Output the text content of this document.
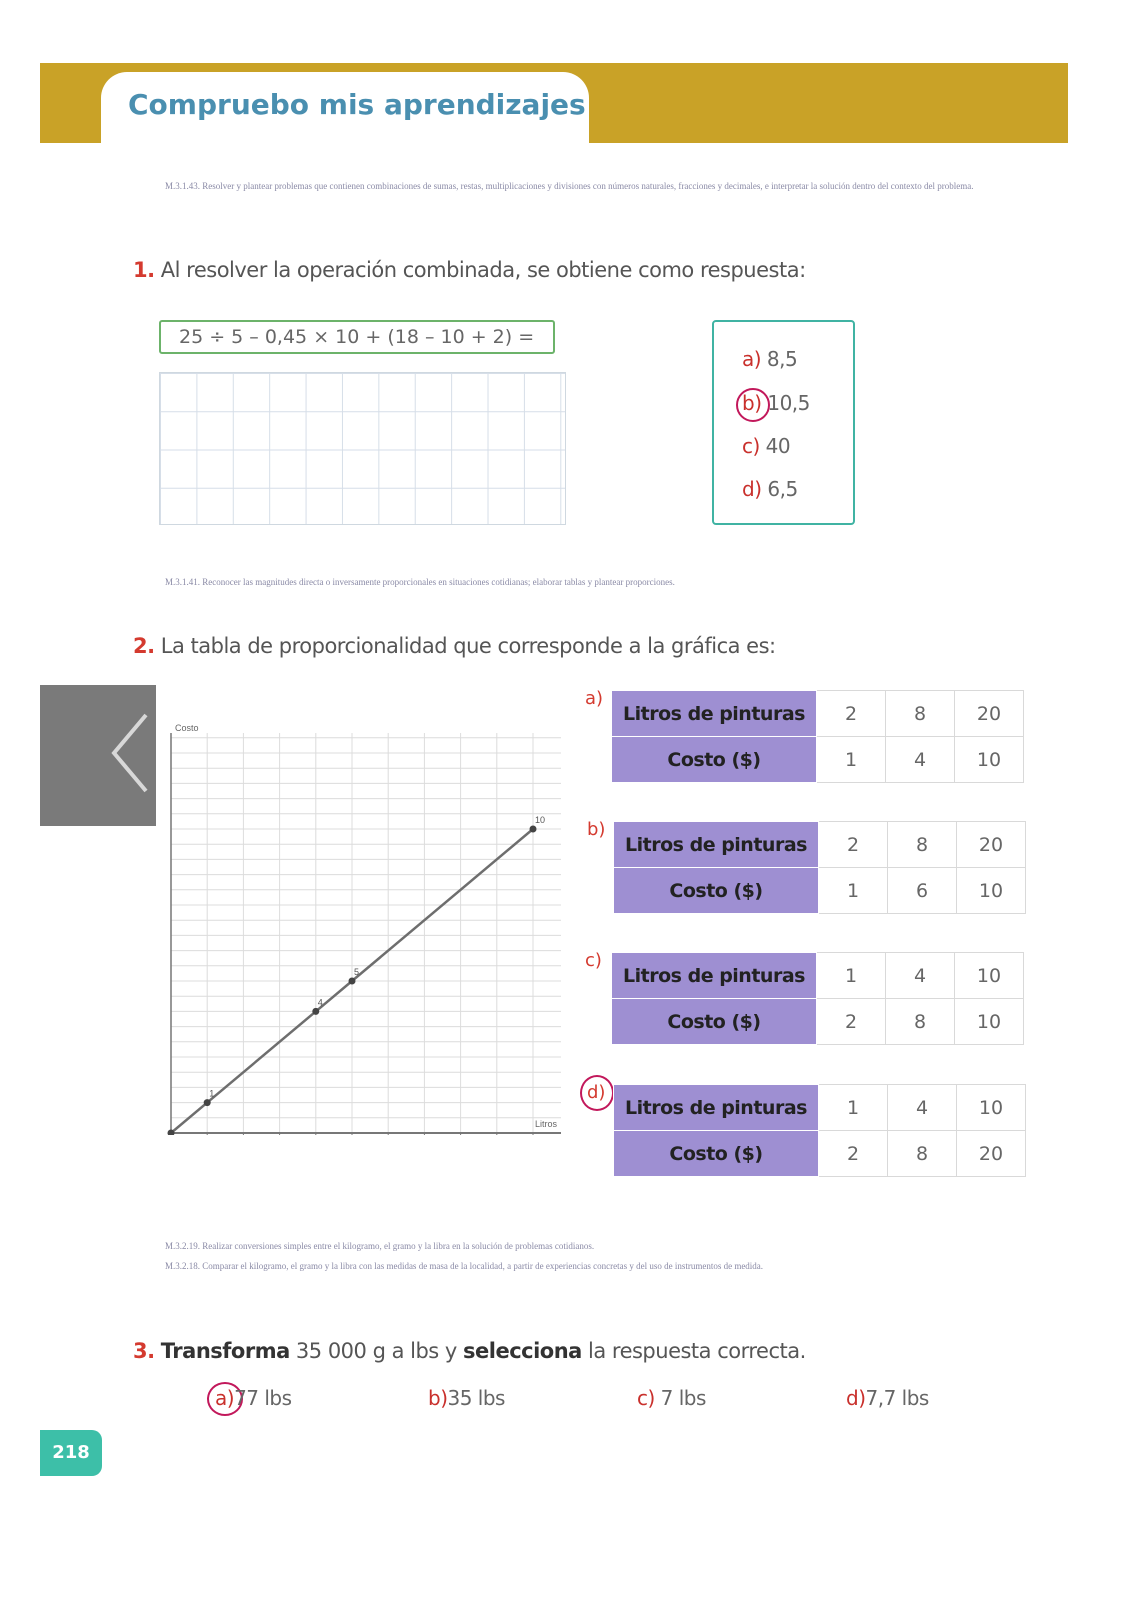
Compruebo mis aprendizajes

M.3.1.43. Resolver y plantear problemas que contienen combinaciones de sumas, restas, multiplicaciones y divisiones con números naturales, fracciones y decimales, e interpretar la solución dentro del contexto del problema.

1. Al resolver la operación combinada, se obtiene como respuesta:
25 ÷ 5 – 0,45 × 10 + (18 – 10 + 2) =
a) 8,5
b) 10,5
c) 40
d) 6,5

M.3.1.41. Reconocer las magnitudes directa o inversamente proporcionales en situaciones cotidianas; elaborar tablas y plantear proporciones.

2. La tabla de proporcionalidad que corresponde a la gráfica es:
Costo
Litros
1
4
5
10
a)
Litros de pinturas	2	8	20
Costo ($)	1	4	10
b)
Litros de pinturas	2	8	20
Costo ($)	1	6	10
c)
Litros de pinturas	1	4	10
Costo ($)	2	8	10
d)
Litros de pinturas	1	4	10
Costo ($)	2	8	20

M.3.2.19. Realizar conversiones simples entre el kilogramo, el gramo y la libra en la solución de problemas cotidianos.
M.3.2.18. Comparar el kilogramo, el gramo y la libra con las medidas de masa de la localidad, a partir de experiencias concretas y del uso de instrumentos de medida.

3. Transforma 35 000 g a lbs y selecciona la respuesta correcta.
a)77 lbs	b)35 lbs	c) 7 lbs	d)7,7 lbs
218
